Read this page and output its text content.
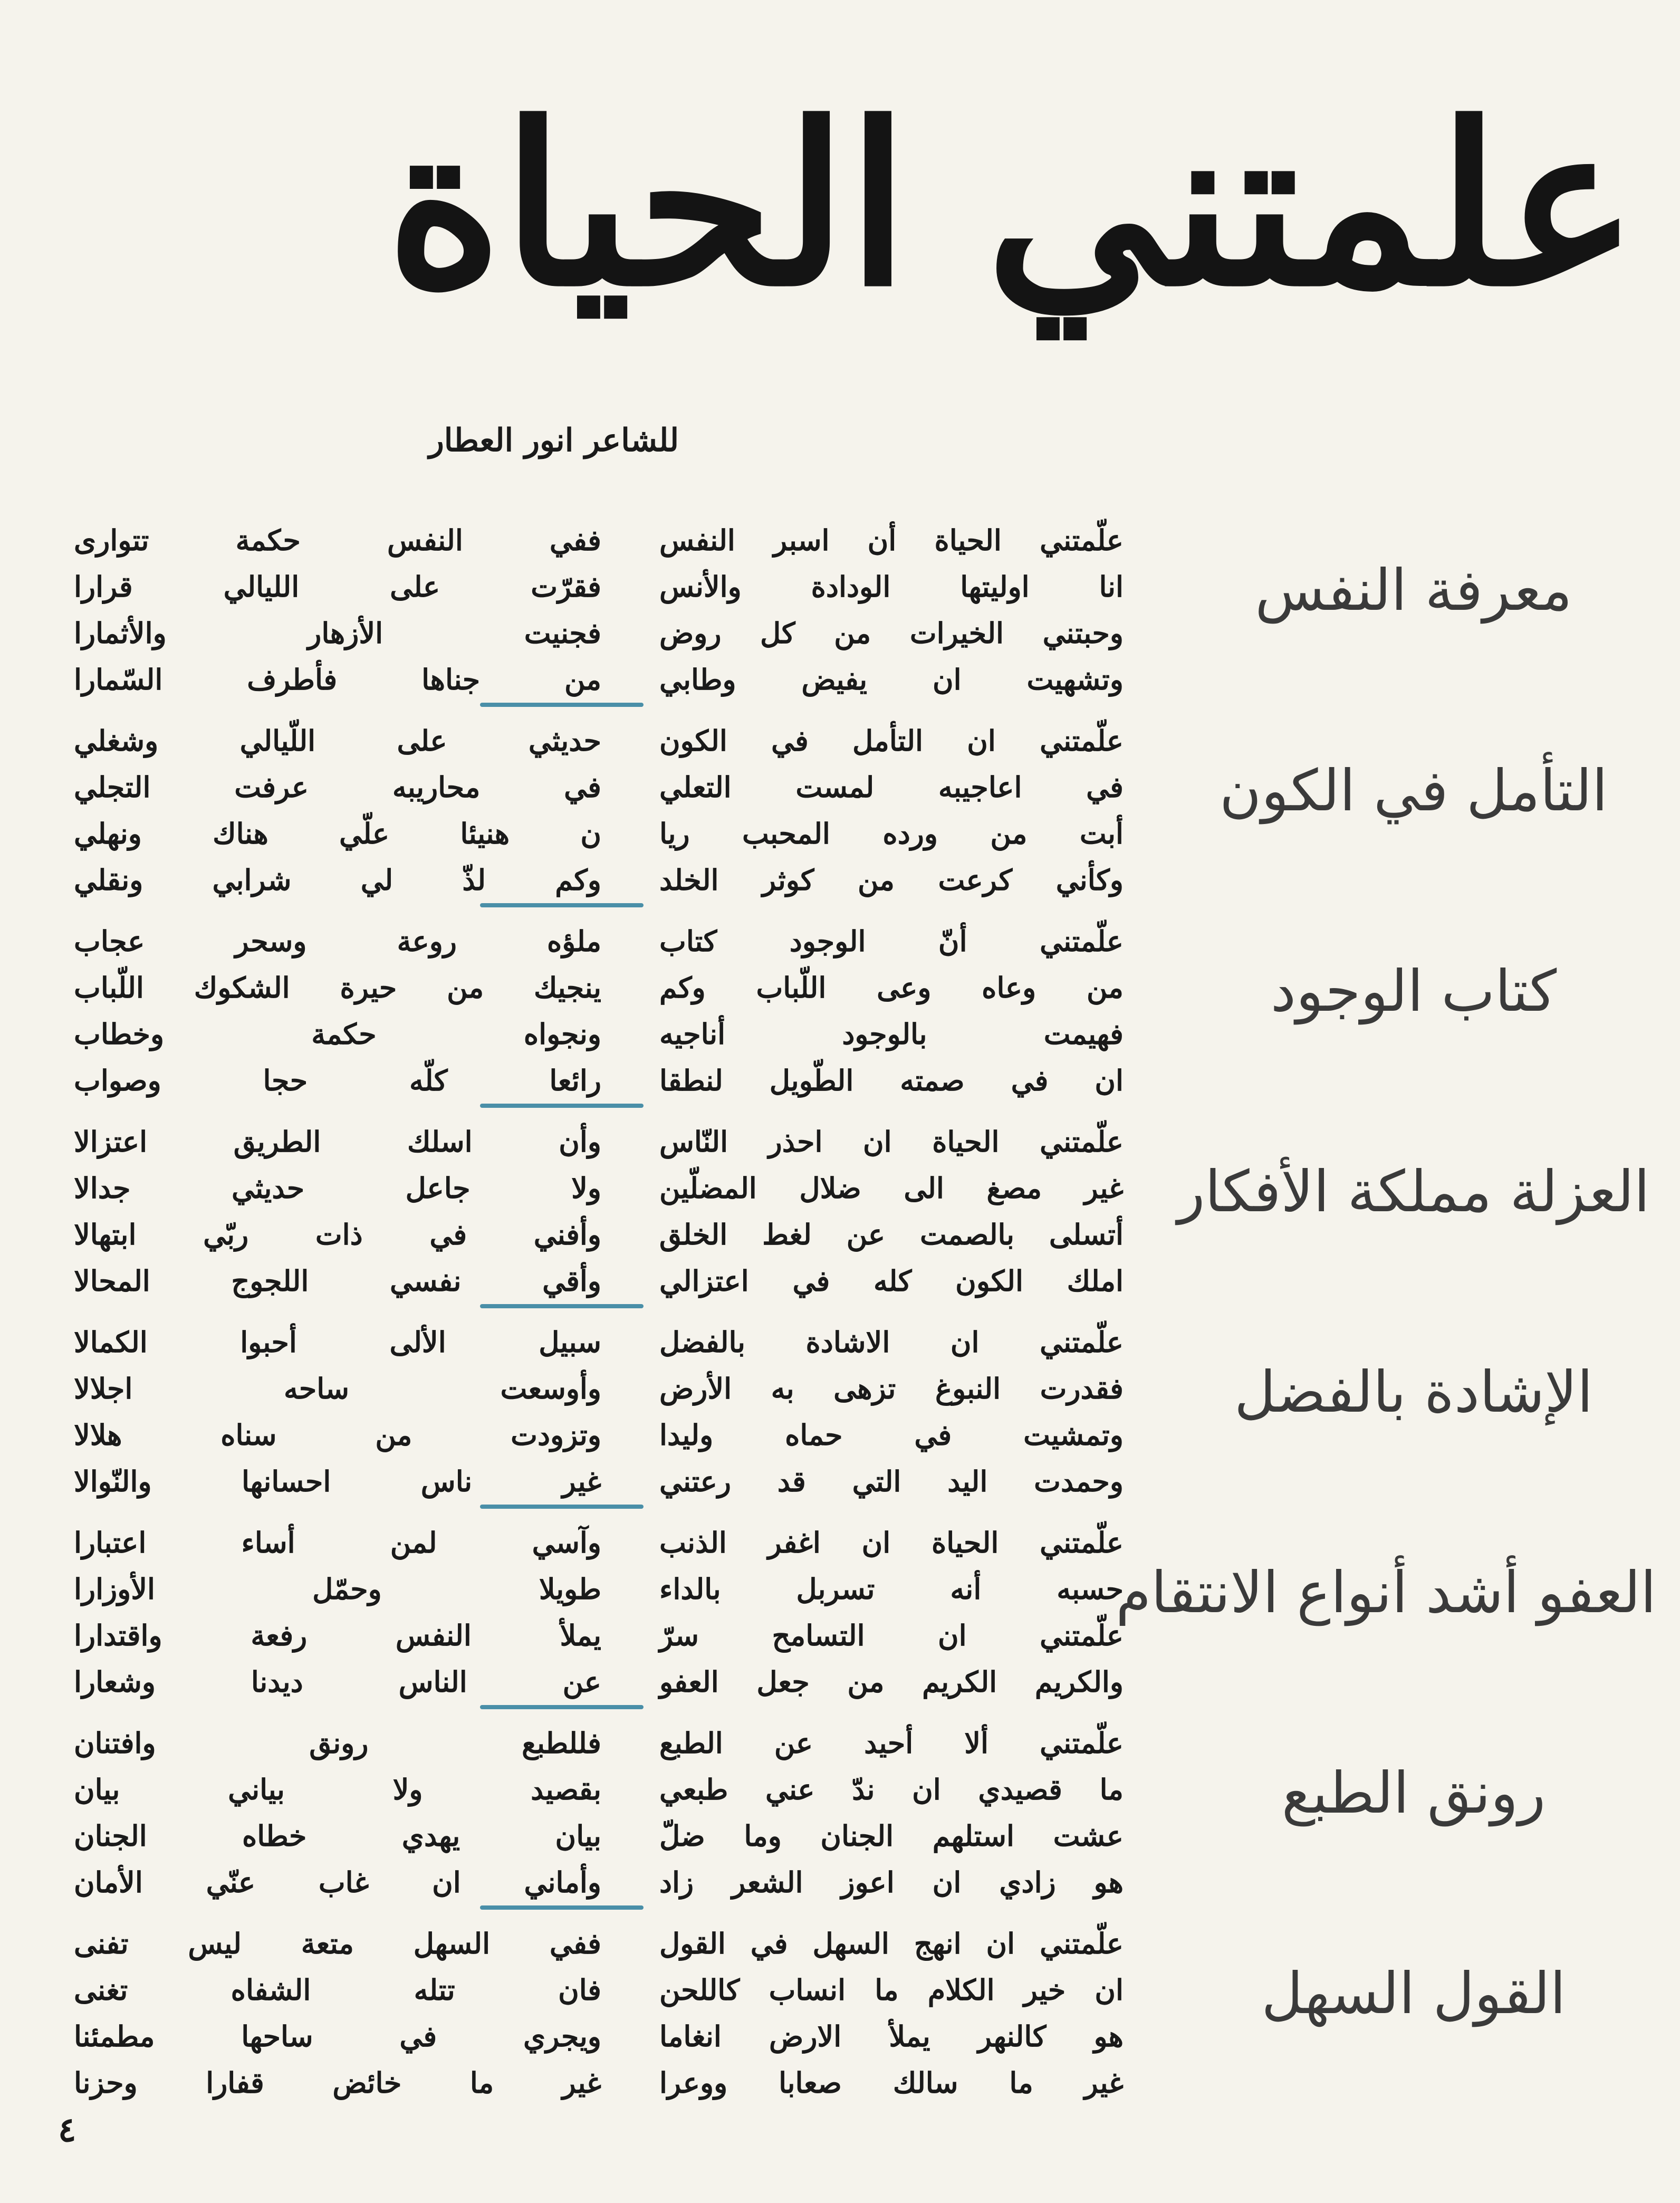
علمتني الحياة
للشاعر انور العطار
معرفة النفس
علّمتني الحياة أن اسبر النفس
انا اوليتها الودادة والأنس
وحبتني الخيرات من كل روض
وتشهيت ان يفيض وطابي
ففي النفس حكمة تتوارى
فقرّت على الليالي قرارا
فجنيت الأزهار والأثمارا
من جناها فأطرف السّمارا
التأمل في الكون
علّمتني ان التأمل في الكون
في اعاجيبه لمست التعلي
أبت من ورده المحبب ريا
وكأني كرعت من كوثر الخلد
حديثي على اللّيالي وشغلي
في محاريبه عرفت التجلي
ن هنيئا علّي هناك ونهلي
وكم لذّ لي شرابي ونقلي
كتاب الوجود
علّمتني أنّ الوجود كتاب
من وعاه وعى اللّباب وكم
فهيمت بالوجود أناجيه
ان في صمته الطّويل لنطقا
ملؤه روعة وسحر عجاب
ينجيك من حيرة الشكوك اللّباب
ونجواه حكمة وخطاب
رائعا كلّه حجا وصواب
العزلة مملكة الأفكار
علّمتني الحياة ان احذر النّاس
غير مصغ الى ضلال المضلّين
أتسلى بالصمت عن لغط الخلق
املك الكون كله في اعتزالي
وأن اسلك الطريق اعتزالا
ولا جاعل حديثي جدالا
وأفني في ذات ربّي ابتهالا
وأقي نفسي اللجوج المحالا
الإشادة بالفضل
علّمتني ان الاشادة بالفضل
فقدرت النبوغ تزهى به الأرض
وتمشيت في حماه وليدا
وحمدت اليد التي قد رعتني
سبيل الألى أحبوا الكمالا
وأوسعت ساحه اجلالا
وتزودت من سناه هلالا
غير ناس احسانها والنّوالا
العفو أشد أنواع الانتقام
علّمتني الحياة ان اغفر الذنب
حسبه أنه تسربل بالداء
علّمتني ان التسامح سرّ
والكريم الكريم من جعل العفو
وآسي لمن أساء اعتبارا
طويلا وحمّل الأوزارا
يملأ النفس رفعة واقتدارا
عن الناس ديدنا وشعارا
رونق الطبع
علّمتني ألا أحيد عن الطبع
ما قصيدي ان ندّ عني طبعي
عشت استلهم الجنان وما ضلّ
هو زادي ان اعوز الشعر زاد
فللطبع رونق وافتنان
بقصيد ولا بياني بيان
بيان يهدي خطاه الجنان
وأماني ان غاب عنّي الأمان
القول السهل
علّمتني ان انهج السهل في القول
ان خير الكلام ما انساب كاللحن
هو كالنهر يملأ الارض انغاما
غير ما سالك صعابا ووعرا
ففي السهل متعة ليس تفنى
فان تتله الشفاه تغنى
ويجري في ساحها مطمئنا
غير ما خائض قفارا وحزنا
٤
